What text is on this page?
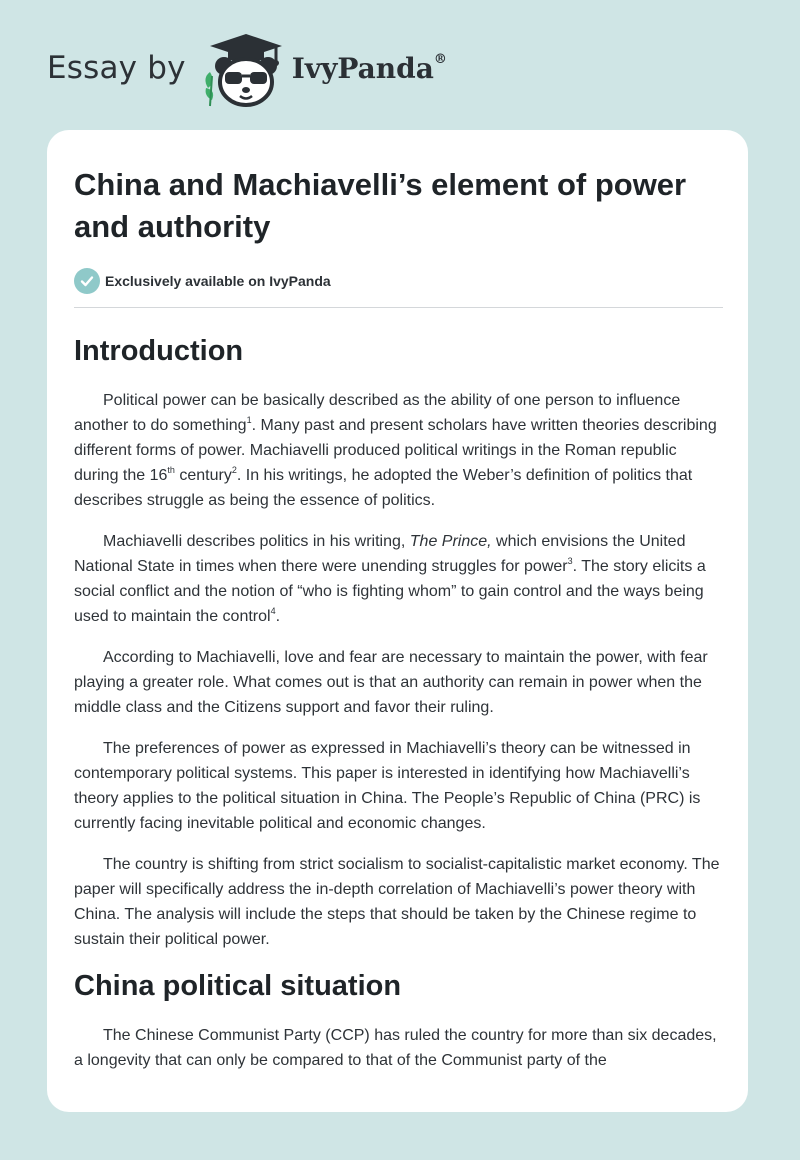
Essay by	IvyPanda®
China and Machiavelli’s element of power and authority
Exclusively available on IvyPanda
Introduction

Political power can be basically described as the ability of one person to influence another to do something$^1$. Many past and present scholars have written theories describing different forms of power. Machiavelli produced political writings in the Roman republic during the 16th century$^2$. In his writings, he adopted the Weber’s definition of politics that describes struggle as being the essence of politics.

Machiavelli describes politics in his writing, The Prince, which envisions the United National State in times when there were unending struggles for power$^3$. The story elicits a social conflict and the notion of “who is fighting whom” to gain control and the ways being used to maintain the control$^4$.

According to Machiavelli, love and fear are necessary to maintain the power, with fear playing a greater role. What comes out is that an authority can remain in power when the middle class and the Citizens support and favor their ruling.

The preferences of power as expressed in Machiavelli’s theory can be witnessed in contemporary political systems. This paper is interested in identifying how Machiavelli’s theory applies to the political situation in China. The People’s Republic of China (PRC) is currently facing inevitable political and economic changes.

The country is shifting from strict socialism to socialist-capitalistic market economy. The paper will specifically address the in-depth correlation of Machiavelli’s power theory with China. The analysis will include the steps that should be taken by the Chinese regime to sustain their political power.

China political situation

The Chinese Communist Party (CCP) has ruled the country for more than six decades, a longevity that can only be compared to that of the Communist party of the
